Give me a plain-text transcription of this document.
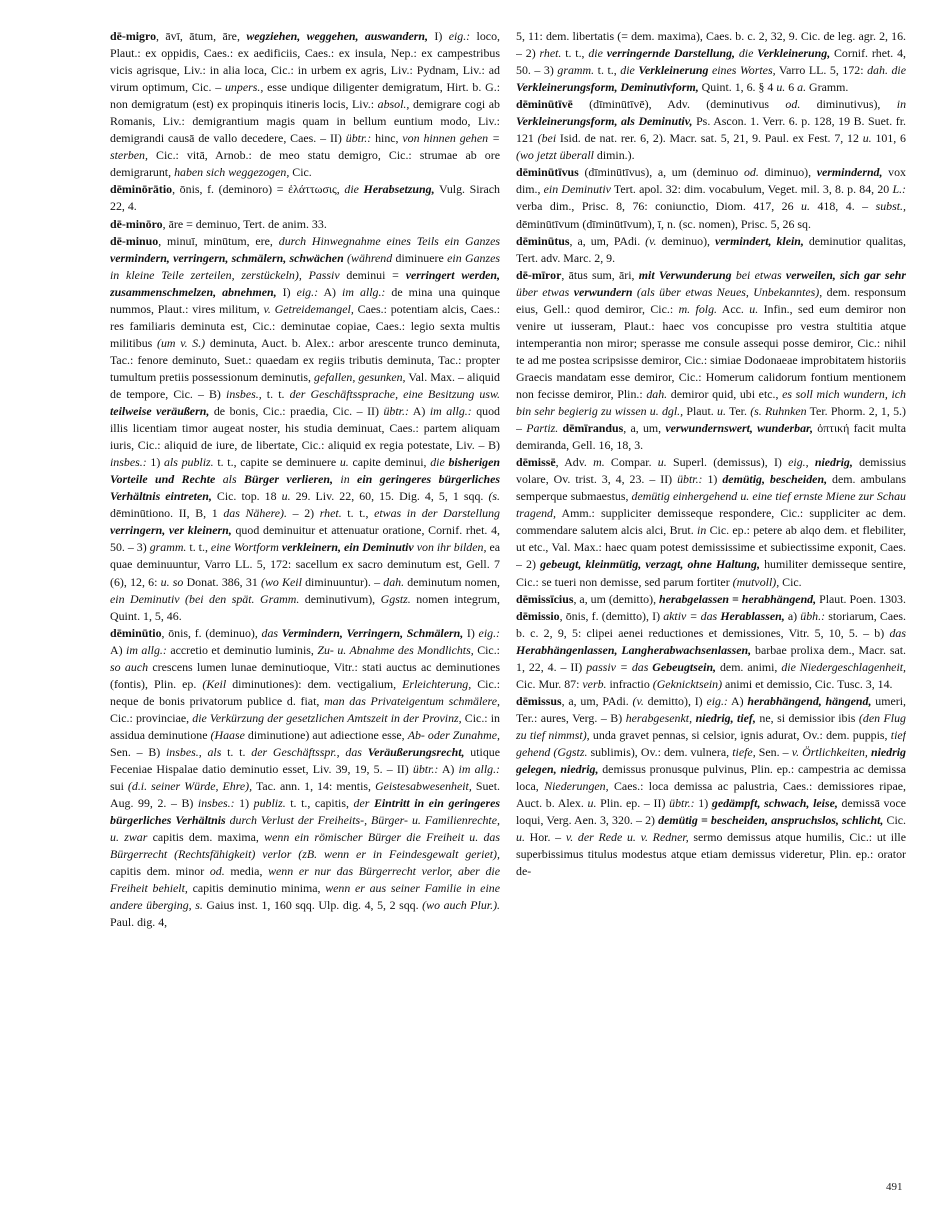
dē-migro, āvī, ātum, āre, wegziehen, weggehen, auswandern, I) eig.: loco, Plaut.: ex oppidis, Caes.: ex aedificiis, Caes.: ex insula, Nep.: ex campestribus vicis agrisque, Liv.: in alia loca, Cic.: in urbem ex agris, Liv.: Pydnam, Liv.: ad virum optimum, Cic. – unpers., esse undique diligenter demigratum, Hirt. b. G.: non demigratum (est) ex propinquis itineris locis, Liv.: absol., demigrare cogi ab Romanis, Liv.: demigrantium magis quam in bellum euntium modo, Liv.: demigrandi causā de vallo decedere, Caes. – II) übtr.: hinc, von hinnen gehen = sterben, Cic.: vitā, Arnob.: de meo statu demigro, Cic.: strumae ab ore demigrarunt, haben sich weggezogen, Cic.

dēminōrātio, ōnis, f. (deminoro) = ἐλάττωσις, die Herabsetzung, Vulg. Sirach 22, 4.

dē-minōro, āre = deminuo, Tert. de anim. 33.

dē-minuo, minuī, minūtum, ere, durch Hinwegnahme eines Teils ein Ganzes vermindern, verringern, schmälern, schwächen (während diminuere ein Ganzes in kleine Teile zerteilen, zerstückeln), Passiv deminui = verringert werden, zusammenschmelzen, abnehmen, I) eig.: A) im allg.: de mina una quinque nummos, Plaut.: vires militum, v. Getreidemangel, Caes.: potentiam alcis, Caes.: res familiaris deminuta est, Cic.: deminutae copiae, Caes.: legio sexta multis militibus (um v. S.) deminuta, Auct. b. Alex.: arbor arescente trunco deminuta, Tac.: fenore deminuto, Suet.: quaedam ex regiis tributis deminuta, Tac.: propter tumultum pretiis possessionum deminutis, gefallen, gesunken, Val. Max. – aliquid de tempore, Cic. – B) insbes., t. t. der Geschäftssprache, eine Besitzung usw. teilweise veräußern, de bonis, Cic.: praedia, Cic. – II) übtr.: A) im allg.: quod illis licentiam timor augeat noster, his studia deminuat, Caes.: partem aliquam iuris, Cic.: aliquid de iure, de libertate, Cic.: aliquid ex regia potestate, Liv. – B) insbes.: 1) als publiz. t. t., capite se deminuere u. capite deminui, die bisherigen Vorteile und Rechte als Bürger verlieren, in ein geringeres bürgerliches Verhältnis eintreten, Cic. top. 18 u. 29. Liv. 22, 60, 15. Dig. 4, 5, 1 sqq. (s. dēminūtiono. II, B, 1 das Nähere). – 2) rhet. t. t., etwas in der Darstellung verringern, ver kleinern, quod deminuitur et attenuatur oratione, Cornif. rhet. 4, 50. – 3) gramm. t. t., eine Wortform verkleinern, ein Deminutiv von ihr bilden, ea quae deminuuntur, Varro LL. 5, 172: sacellum ex sacro deminutum est, Gell. 7 (6), 12, 6: u. so Donat. 386, 31 (wo Keil diminuuntur). – dah. deminutum nomen, ein Deminutiv (bei den spät. Gramm. deminutivum), Ggstz. nomen integrum, Quint. 1, 5, 46.

dēminūtio, ōnis, f. (deminuo), das Vermindern, Verringern, Schmälern, I) eig.: A) im allg.: accretio et deminutio luminis, Zu- u. Abnahme des Mondlichts, Cic.: so auch crescens lumen lunae deminutioque, Vitr.: stati auctus ac deminutiones (fontis), Plin. ep. (Keil diminutiones): dem. vectigalium, Erleichterung, Cic.: neque de bonis privatorum publice d. fiat, man das Privateigentum schmälere, Cic.: provinciae, die Verkürzung der gesetzlichen Amtszeit in der Provinz, Cic.: in assidua deminutione (Haase diminutione) aut adiectione esse, Ab- oder Zunahme, Sen. – B) insbes., als t. t. der Geschäftsspr., das Veräußerungsrecht, utique Feceniae Hispalae datio deminutio esset, Liv. 39, 19, 5. – II) übtr.: A) im allg.: sui (d.i. seiner Würde, Ehre), Tac. ann. 1, 14: mentis, Geistesabwesenheit, Suet. Aug. 99, 2. – B) insbes.: 1) publiz. t. t., capitis, der Eintritt in ein geringeres bürgerliches Verhältnis durch Verlust der Freiheits-, Bürger- u. Familienrechte, u. zwar capitis dem. maxima, wenn ein römischer Bürger die Freiheit u. das Bürgerrecht (Rechtsfähigkeit) verlor (zB. wenn er in Feindesgewalt geriet), capitis dem. minor od. media, wenn er nur das Bürgerrecht verlor, aber die Freiheit behielt, capitis deminutio minima, wenn er aus seiner Familie in eine andere überging, s. Gaius inst. 1, 160 sqq. Ulp. dig. 4, 5, 2 sqq. (wo auch Plur.). Paul. dig. 4,

5, 11: dem. libertatis (= dem. maxima), Caes. b. c. 2, 32, 9. Cic. de leg. agr. 2, 16. – 2) rhet. t. t., die verringernde Darstellung, die Verkleinerung, Cornif. rhet. 4, 50. – 3) gramm. t. t., die Verkleinerung eines Wortes, Varro LL. 5, 172: dah. die Verkleinerungsform, Deminutivform, Quint. 1, 6. § 4 u. 6 a. Gramm.

dēminūtīvē (dīminūtīvē), Adv. (deminutivus od. diminutivus), in Verkleinerungsform, als Deminutiv, Ps. Ascon. 1. Verr. 6. p. 128, 19 B. Suet. fr. 121 (bei Isid. de nat. rer. 6, 2). Macr. sat. 5, 21, 9. Paul. ex Fest. 7, 12 u. 101, 6 (wo jetzt überall dimin.).

dēminūtīvus (dīminūtīvus), a, um (deminuo od. diminuo), vermindernd, vox dim., ein Deminutiv Tert. apol. 32: dim. vocabulum, Veget. mil. 3, 8. p. 84, 20 L.: verba dim., Prisc. 8, 76: coniunctio, Diom. 417, 26 u. 418, 4. – subst., dēminūtīvum (dīminūtīvum), ī, n. (sc. nomen), Prisc. 5, 26 sq.

dēminūtus, a, um, PAdi. (v. deminuo), vermindert, klein, deminutior qualitas, Tert. adv. Marc. 2, 9.

dē-mīror, ātus sum, āri, mit Verwunderung bei etwas verweilen, sich gar sehr über etwas verwundern (als über etwas Neues, Unbekanntes), dem. responsum eius, Gell.: quod demiror, Cic.: m. folg. Acc. u. Infin., sed eum demiror non venire ut iusseram, Plaut.: haec vos concupisse pro vestra stultitia atque intemperantia non miror; sperasse me consule assequi posse demiror, Cic.: nihil te ad me postea scripsisse demiror, Cic.: simiae Dodonaeae improbitatem historiis Graecis mandatam esse demiror, Cic.: Homerum calidorum fontium mentionem non fecisse demiror, Plin.: dah. demiror quid, ubi etc., es soll mich wundern, ich bin sehr begierig zu wissen u. dgl., Plaut. u. Ter. (s. Ruhnken Ter. Phorm. 2, 1, 5.) – Partiz. dēmīrandus, a, um, verwundernswert, wunderbar, ὀπτική facit multa demiranda, Gell. 16, 18, 3.

dēmissē, Adv. m. Compar. u. Superl. (demissus), I) eig., niedrig, demissius volare, Ov. trist. 3, 4, 23. – II) übtr.: 1) demütig, bescheiden, dem. ambulans semperque submaestus, demütig einhergehend u. eine tief ernste Miene zur Schau tragend, Amm.: suppliciter demisseque respondere, Cic.: suppliciter ac dem. commendare salutem alcis alci, Brut. in Cic. ep.: petere ab alqo dem. et flebiliter, ut etc., Val. Max.: haec quam potest demississime et subiectissime exponit, Caes. – 2) gebeugt, kleinmütig, verzagt, ohne Haltung, humiliter demisseque sentire, Cic.: se tueri non demisse, sed parum fortiter (mutvoll), Cic.

dēmissīcius, a, um (demitto), herabgelassen = herabhängend, Plaut. Poen. 1303.

dēmissio, ōnis, f. (demitto), I) aktiv = das Herablassen, a) übh.: storiarum, Caes. b. c. 2, 9, 5: clipei aenei reductiones et demissiones, Vitr. 5, 10, 5. – b) das Herabhängenlassen, Langherabwachsenlassen, barbae prolixa dem., Macr. sat. 1, 22, 4. – II) passiv = das Gebeugtsein, dem. animi, die Niedergeschlagenheit, Cic. Mur. 87: verb. infractio (Geknicktsein) animi et demissio, Cic. Tusc. 3, 14.

dēmissus, a, um, PAdi. (v. demitto), I) eig.: A) herabhängend, hängend, umeri, Ter.: aures, Verg. – B) herabgesenkt, niedrig, tief, ne, si demissior ibis (den Flug zu tief nimmst), unda gravet pennas, si celsior, ignis adurat, Ov.: dem. puppis, tief gehend (Ggstz. sublimis), Ov.: dem. vulnera, tiefe, Sen. – v. Örtlichkeiten, niedrig gelegen, niedrig, demissus pronusque pulvinus, Plin. ep.: campestria ac demissa loca, Niederungen, Caes.: loca demissa ac palustria, Caes.: demissiores ripae, Auct. b. Alex. u. Plin. ep. – II) übtr.: 1) gedämpft, schwach, leise, demissā voce loqui, Verg. Aen. 3, 320. – 2) demütig = bescheiden, anspruchslos, schlicht, Cic. u. Hor. – v. der Rede u. v. Redner, sermo demissus atque humilis, Cic.: ut ille superbissimus titulus modestus atque etiam demissus videretur, Plin. ep.: orator de-

491
